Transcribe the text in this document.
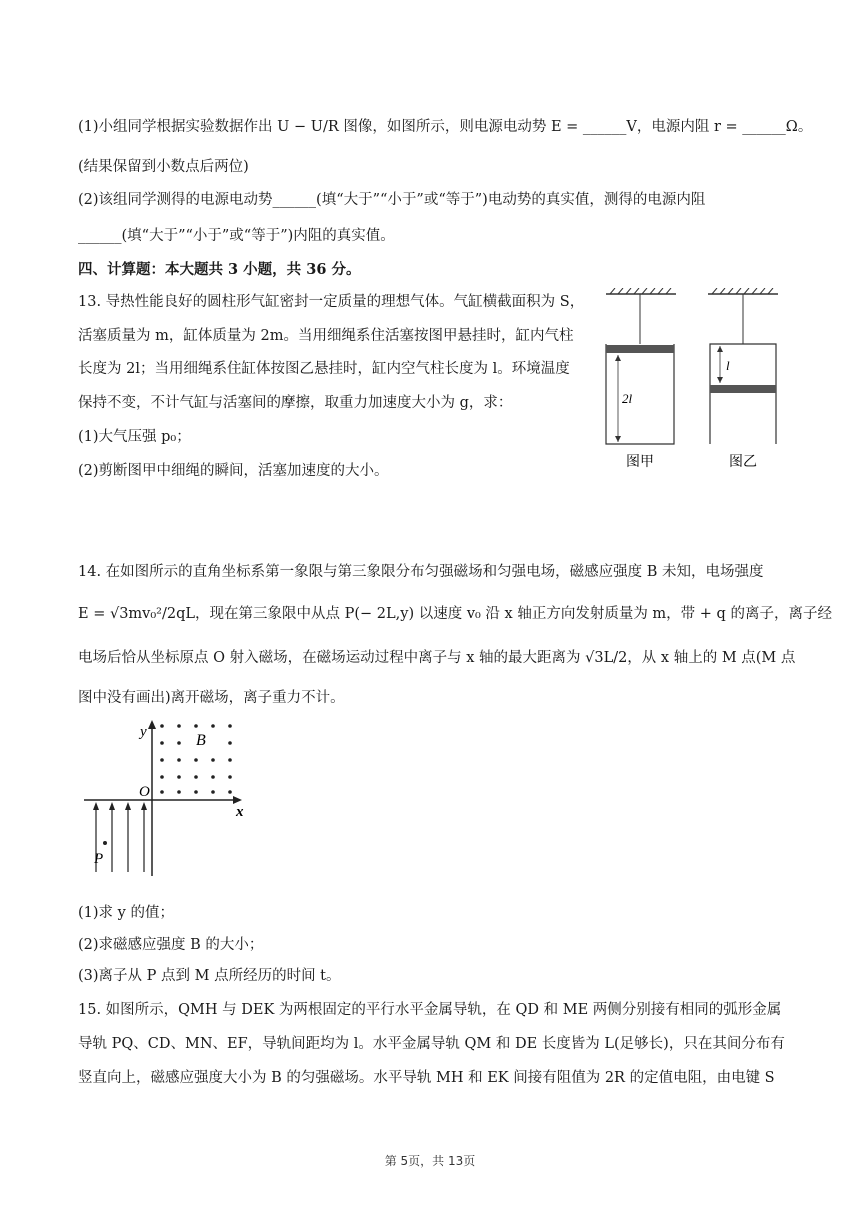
(1)小组同学根据实验数据作出 U − U/R 图像，如图所示，则电源电动势 E = ______V，电源内阻 r = ______Ω。
(结果保留到小数点后两位)
(2)该组同学测得的电源电动势______(填“大于”“小于”或“等于”)电动势的真实值，测得的电源内阻
______(填“大于”“小于”或“等于”)内阻的真实值。
四、计算题：本大题共 3 小题，共 36 分。
13. 导热性能良好的圆柱形气缸密封一定质量的理想气体。气缸横截面积为 S，
活塞质量为 m，缸体质量为 2m。当用细绳系住活塞按图甲悬挂时，缸内气柱
长度为 2l；当用细绳系住缸体按图乙悬挂时，缸内空气柱长度为 l。环境温度
保持不变，不计气缸与活塞间的摩擦，取重力加速度大小为 g，求：
(1)大气压强 p₀；
(2)剪断图甲中细绳的瞬间，活塞加速度的大小。
2l
图甲
l
图乙
14. 在如图所示的直角坐标系第一象限与第三象限分布匀强磁场和匀强电场，磁感应强度 B 未知，电场强度
E = √3mv₀²/2qL，现在第三象限中从点 P(− 2L,y) 以速度 v₀ 沿 x 轴正方向发射质量为 m，带 + q 的离子，离子经
电场后恰从坐标原点 O 射入磁场，在磁场运动过程中离子与 x 轴的最大距离为 √3L/2，从 x 轴上的 M 点(M 点
图中没有画出)离开磁场，离子重力不计。
y
x
O
B
P
(1)求 y 的值；
(2)求磁感应强度 B 的大小；
(3)离子从 P 点到 M 点所经历的时间 t。
15. 如图所示，QMH 与 DEK 为两根固定的平行水平金属导轨，在 QD 和 ME 两侧分别接有相同的弧形金属
导轨 PQ、CD、MN、EF，导轨间距均为 l。水平金属导轨 QM 和 DE 长度皆为 L(足够长)，只在其间分布有
竖直向上，磁感应强度大小为 B 的匀强磁场。水平导轨 MH 和 EK 间接有阻值为 2R 的定值电阻，由电键 S
第 5页，共 13页
